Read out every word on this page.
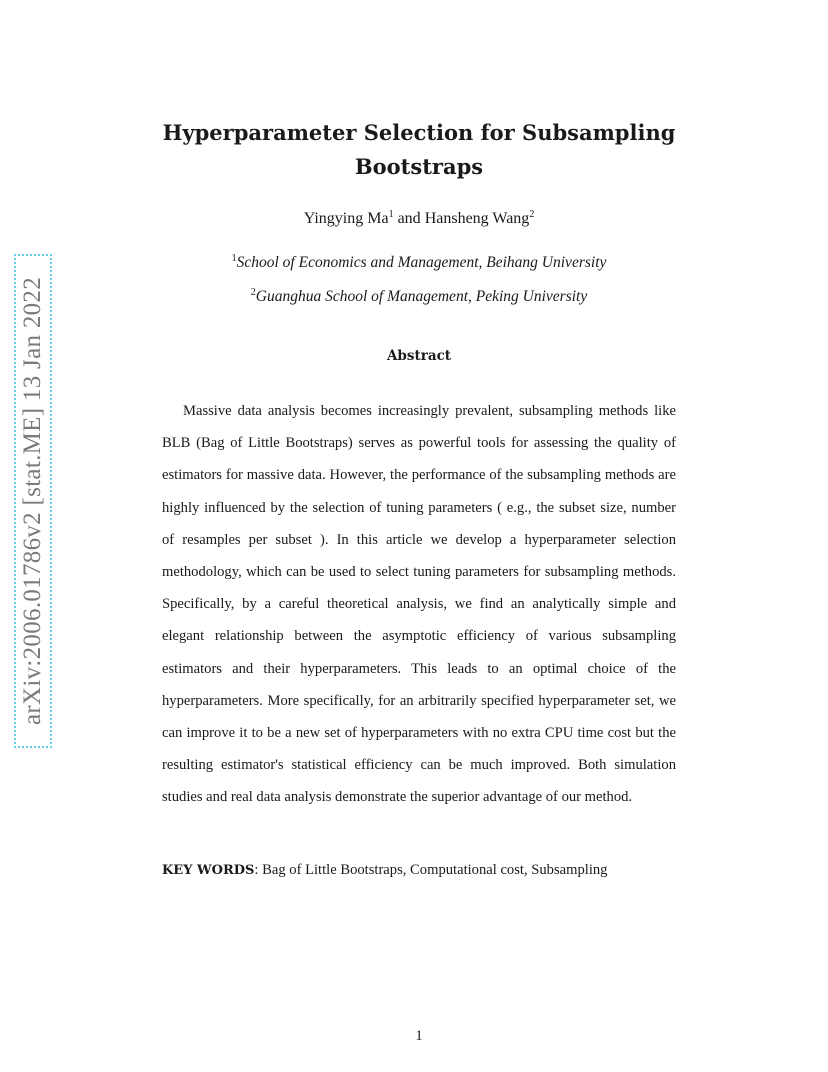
arXiv:2006.01786v2 [stat.ME] 13 Jan 2022
Hyperparameter Selection for Subsampling Bootstraps
Yingying Ma$^1$ and Hansheng Wang$^2$
$^1$School of Economics and Management, Beihang University
$^2$Guanghua School of Management, Peking University
Abstract

Massive data analysis becomes increasingly prevalent, subsampling methods like BLB (Bag of Little Bootstraps) serves as powerful tools for assessing the quality of estimators for massive data. However, the performance of the subsampling methods are highly influenced by the selection of tuning parameters ( e.g., the subset size, number of resamples per subset ). In this article we develop a hyperparameter selection methodology, which can be used to select tuning parameters for subsampling methods. Specifically, by a careful theoretical analysis, we find an analytically simple and elegant relationship between the asymptotic efficiency of various subsampling estimators and their hyperparameters. This leads to an optimal choice of the hyperparameters. More specifically, for an arbitrarily specified hyperparameter set, we can improve it to be a new set of hyperparameters with no extra CPU time cost but the resulting estimator's statistical efficiency can be much improved. Both simulation studies and real data analysis demonstrate the superior advantage of our method.

KEY WORDS: Bag of Little Bootstraps, Computational cost, Subsampling
1
